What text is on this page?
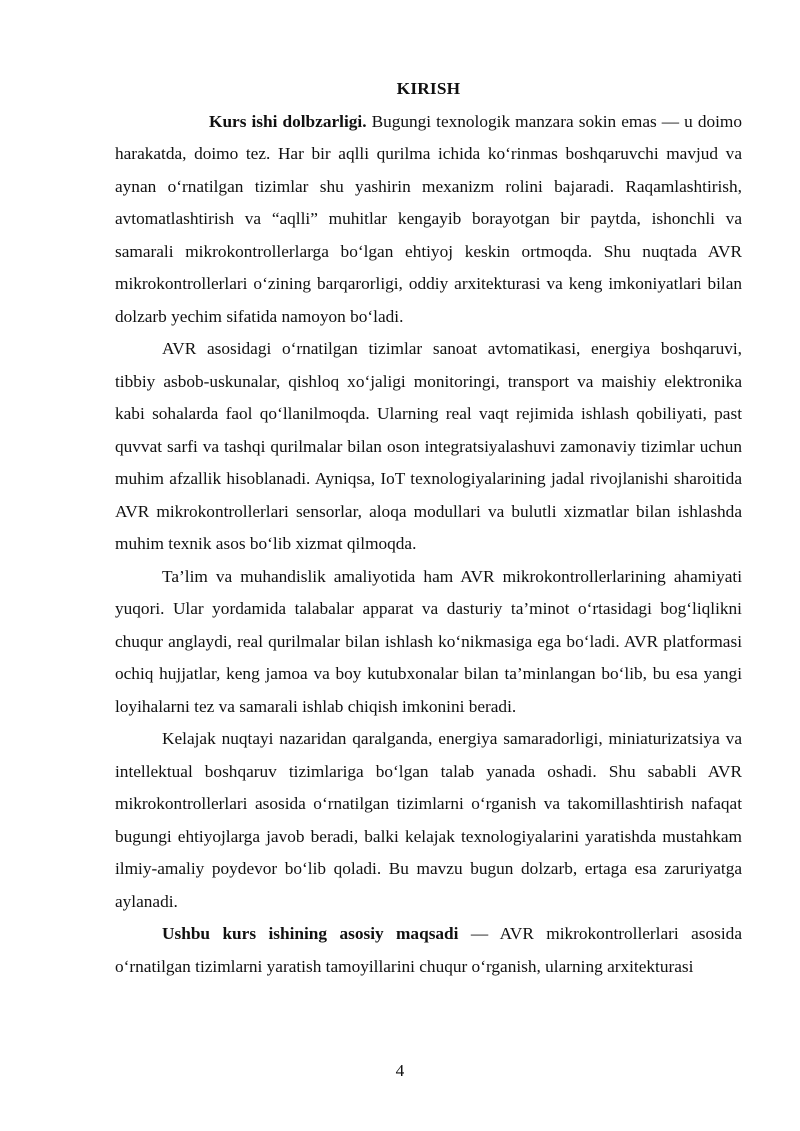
KIRISH

Kurs ishi dolbzarligi. Bugungi texnologik manzara sokin emas — u doimo harakatda, doimo tez. Har bir aqlli qurilma ichida koʻrinmas boshqaruvchi mavjud va aynan oʻrnatilgan tizimlar shu yashirin mexanizm rolini bajaradi. Raqamlashtirish, avtomatlashtirish va “aqlli” muhitlar kengayib borayotgan bir paytda, ishonchli va samarali mikrokontrollerlarga boʻlgan ehtiyoj keskin ortmoqda. Shu nuqtada AVR mikrokontrollerlari oʻzining barqarorligi, oddiy arxitekturasi va keng imkoniyatlari bilan dolzarb yechim sifatida namoyon boʻladi.

AVR asosidagi oʻrnatilgan tizimlar sanoat avtomatikasi, energiya boshqaruvi, tibbiy asbob-uskunalar, qishloq xoʻjaligi monitoringi, transport va maishiy elektronika kabi sohalarda faol qoʻllanilmoqda. Ularning real vaqt rejimida ishlash qobiliyati, past quvvat sarfi va tashqi qurilmalar bilan oson integratsiyalashuvi zamonaviy tizimlar uchun muhim afzallik hisoblanadi. Ayniqsa, IoT texnologiyalarining jadal rivojlanishi sharoitida AVR mikrokontrollerlari sensorlar, aloqa modullari va bulutli xizmatlar bilan ishlashda muhim texnik asos boʻlib xizmat qilmoqda.

Ta’lim va muhandislik amaliyotida ham AVR mikrokontrollerlarining ahamiyati yuqori. Ular yordamida talabalar apparat va dasturiy ta’minot oʻrtasidagi bogʻliqlikni chuqur anglaydi, real qurilmalar bilan ishlash koʻnikmasiga ega boʻladi. AVR platformasi ochiq hujjatlar, keng jamoa va boy kutubxonalar bilan ta’minlangan boʻlib, bu esa yangi loyihalarni tez va samarali ishlab chiqish imkonini beradi.

Kelajak nuqtayi nazaridan qaralganda, energiya samaradorligi, miniaturizatsiya va intellektual boshqaruv tizimlariga boʻlgan talab yanada oshadi. Shu sababli AVR mikrokontrollerlari asosida oʻrnatilgan tizimlarni oʻrganish va takomillashtirish nafaqat bugungi ehtiyojlarga javob beradi, balki kelajak texnologiyalarini yaratishda mustahkam ilmiy-amaliy poydevor boʻlib qoladi. Bu mavzu bugun dolzarb, ertaga esa zaruriyatga aylanadi.

Ushbu kurs ishining asosiy maqsadi — AVR mikrokontrollerlari asosida oʻrnatilgan tizimlarni yaratish tamoyillarini chuqur oʻrganish, ularning arxitekturasi

4
